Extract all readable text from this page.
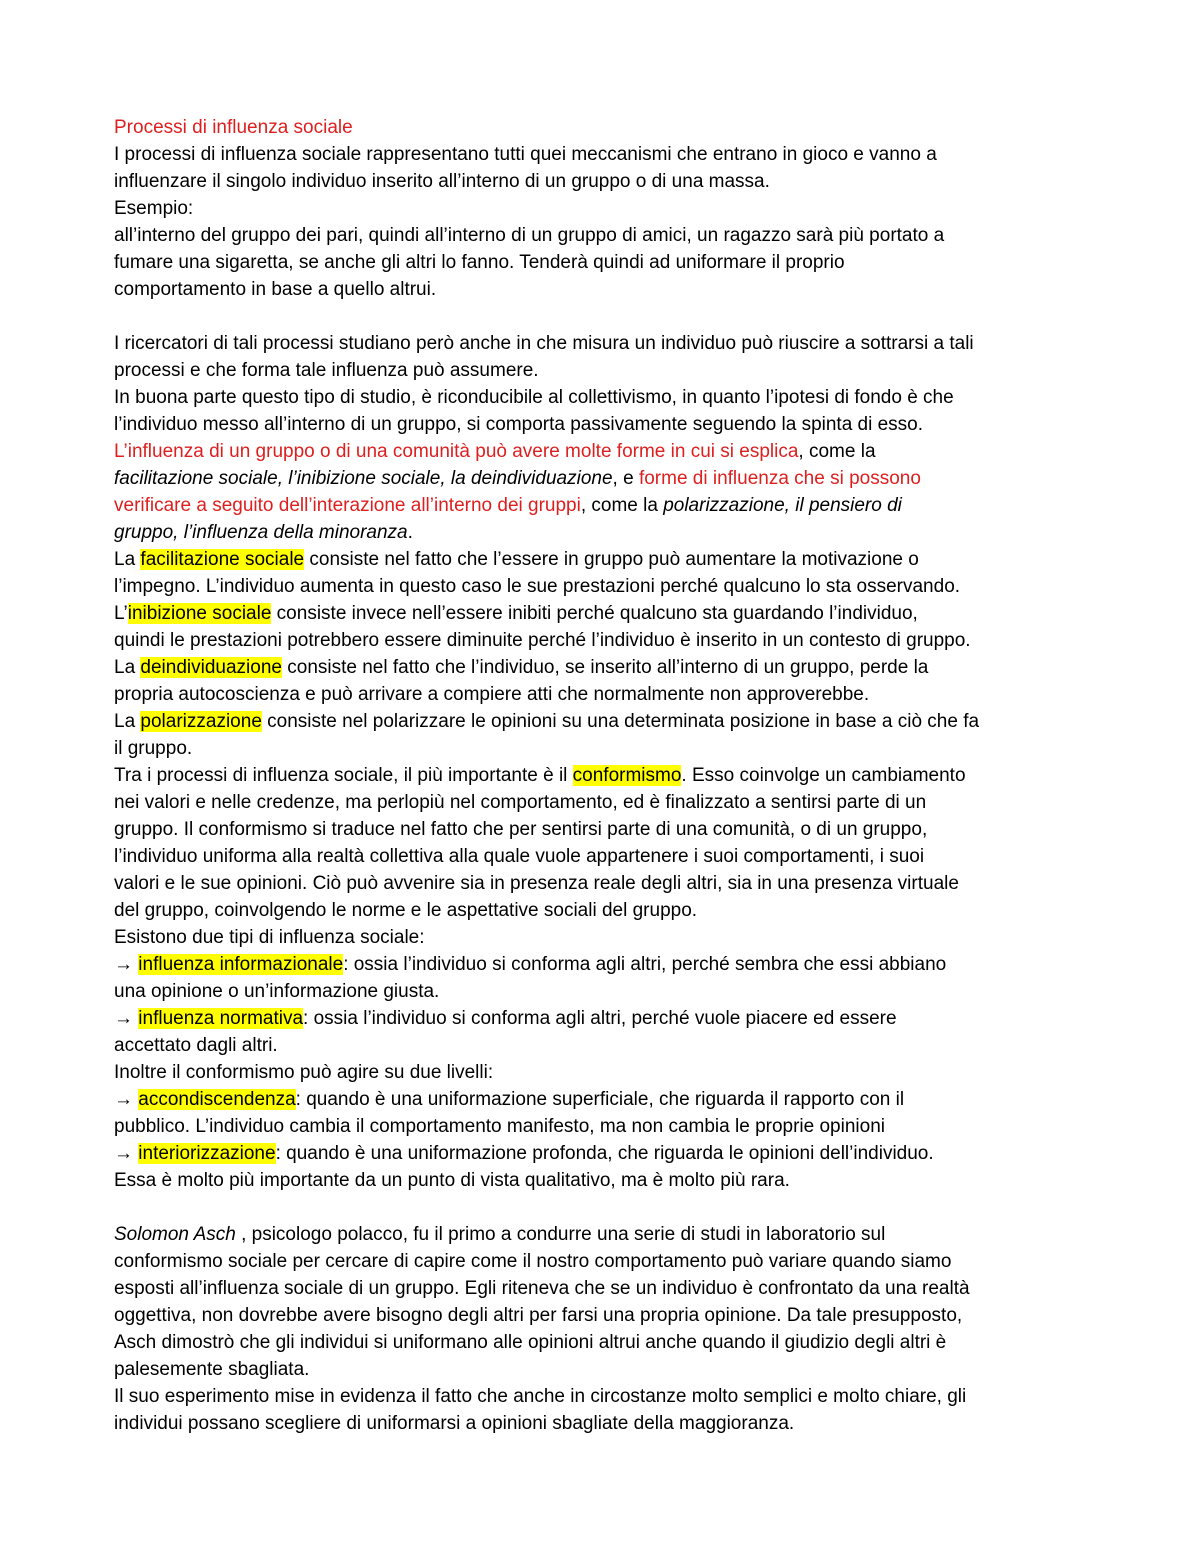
Processi di influenza sociale
I processi di influenza sociale rappresentano tutti quei meccanismi che entrano in gioco e vanno a
influenzare il singolo individuo inserito all’interno di un gruppo o di una massa.
Esempio:
all’interno del gruppo dei pari, quindi all’interno di un gruppo di amici, un ragazzo sarà più portato a
fumare una sigaretta, se anche gli altri lo fanno. Tenderà quindi ad uniformare il proprio
comportamento in base a quello altrui.
I ricercatori di tali processi studiano però anche in che misura un individuo può riuscire a sottrarsi a tali
processi e che forma tale influenza può assumere.
In buona parte questo tipo di studio, è riconducibile al collettivismo, in quanto l’ipotesi di fondo è che
l’individuo messo all’interno di un gruppo, si comporta passivamente seguendo la spinta di esso.
L’influenza di un gruppo o di una comunità può avere molte forme in cui si esplica, come la
facilitazione sociale, l’inibizione sociale, la deindividuazione, e forme di influenza che si possono
verificare a seguito dell’interazione all’interno dei gruppi, come la polarizzazione, il pensiero di
gruppo, l’influenza della minoranza.
La facilitazione sociale consiste nel fatto che l’essere in gruppo può aumentare la motivazione o
l’impegno. L’individuo aumenta in questo caso le sue prestazioni perché qualcuno lo sta osservando.
L’inibizione sociale consiste invece nell’essere inibiti perché qualcuno sta guardando l’individuo,
quindi le prestazioni potrebbero essere diminuite perché l’individuo è inserito in un contesto di gruppo.
La deindividuazione consiste nel fatto che l’individuo, se inserito all’interno di un gruppo, perde la
propria autocoscienza e può arrivare a compiere atti che normalmente non approverebbe.
La polarizzazione consiste nel polarizzare le opinioni su una determinata posizione in base a ciò che fa
il gruppo.
Tra i processi di influenza sociale, il più importante è il conformismo. Esso coinvolge un cambiamento
nei valori e nelle credenze, ma perlopiù nel comportamento, ed è finalizzato a sentirsi parte di un
gruppo. Il conformismo si traduce nel fatto che per sentirsi parte di una comunità, o di un gruppo,
l’individuo uniforma alla realtà collettiva alla quale vuole appartenere i suoi comportamenti, i suoi
valori e le sue opinioni. Ciò può avvenire sia in presenza reale degli altri, sia in una presenza virtuale
del gruppo, coinvolgendo le norme e le aspettative sociali del gruppo.
Esistono due tipi di influenza sociale:
→ influenza informazionale: ossia l’individuo si conforma agli altri, perché sembra che essi abbiano
una opinione o un’informazione giusta.
→ influenza normativa: ossia l’individuo si conforma agli altri, perché vuole piacere ed essere
accettato dagli altri.
Inoltre il conformismo può agire su due livelli:
→ accondiscendenza: quando è una uniformazione superficiale, che riguarda il rapporto con il
pubblico. L’individuo cambia il comportamento manifesto, ma non cambia le proprie opinioni
→ interiorizzazione: quando è una uniformazione profonda, che riguarda le opinioni dell’individuo.
Essa è molto più importante da un punto di vista qualitativo, ma è molto più rara.
Solomon Asch , psicologo polacco, fu il primo a condurre una serie di studi in laboratorio sul
conformismo sociale per cercare di capire come il nostro comportamento può variare quando siamo
esposti all’influenza sociale di un gruppo. Egli riteneva che se un individuo è confrontato da una realtà
oggettiva, non dovrebbe avere bisogno degli altri per farsi una propria opinione. Da tale presupposto,
Asch dimostrò che gli individui si uniformano alle opinioni altrui anche quando il giudizio degli altri è
palesemente sbagliata.
Il suo esperimento mise in evidenza il fatto che anche in circostanze molto semplici e molto chiare, gli
individui possano scegliere di uniformarsi a opinioni sbagliate della maggioranza.
